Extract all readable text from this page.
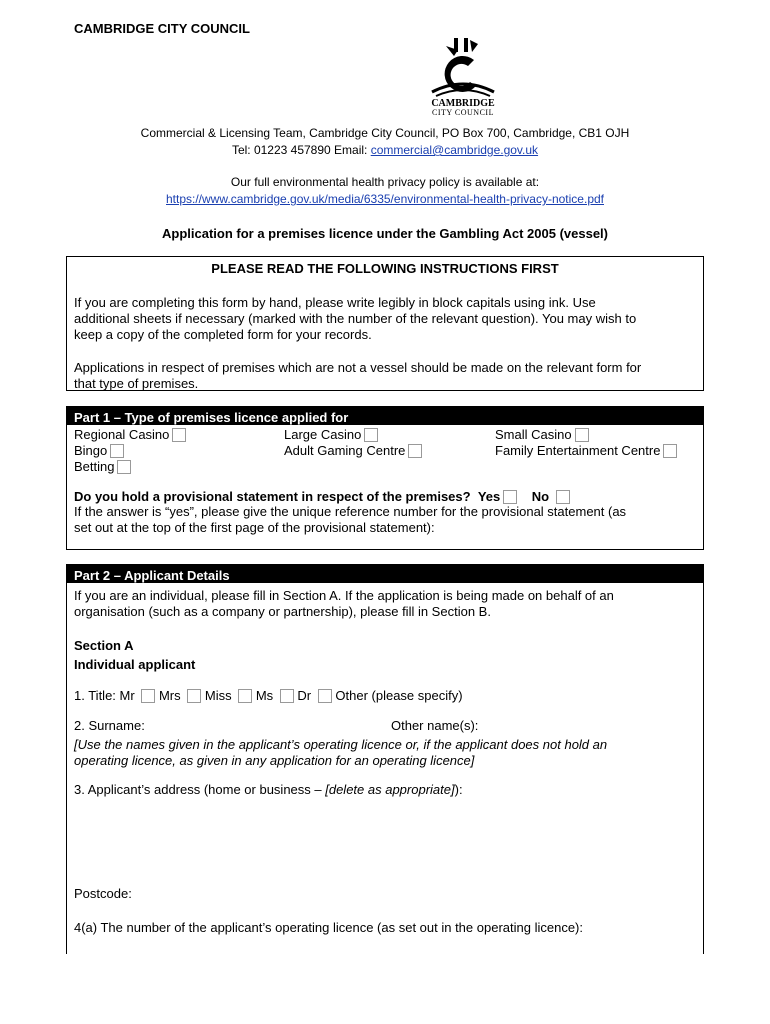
CAMBRIDGE CITY COUNCIL
CAMBRIDGE
CITY COUNCIL
Commercial & Licensing Team, Cambridge City Council, PO Box 700, Cambridge, CB1 OJH
Tel: 01223 457890 Email: commercial@cambridge.gov.uk
Our full environmental health privacy policy is available at:
https://www.cambridge.gov.uk/media/6335/environmental-health-privacy-notice.pdf
Application for a premises licence under the Gambling Act 2005 (vessel)
PLEASE READ THE FOLLOWING INSTRUCTIONS FIRST
If you are completing this form by hand, please write legibly in block capitals using ink. Use
additional sheets if necessary (marked with the number of the relevant question). You may wish to
keep a copy of the completed form for your records.
Applications in respect of premises which are not a vessel should be made on the relevant form for
that type of premises.
Part 1 – Type of premises licence applied for
Regional Casino	Large Casino	Small Casino
Bingo	Adult Gaming Centre	Family Entertainment Centre
Betting
Do you hold a provisional statement in respect of the premises? Yes No
If the answer is “yes”, please give the unique reference number for the provisional statement (as
set out at the top of the first page of the provisional statement):
Part 2 – Applicant Details
If you are an individual, please fill in Section A. If the application is being made on behalf of an
organisation (such as a company or partnership), please fill in Section B.
Section A
Individual applicant
1. Title: Mr Mrs Miss Ms Dr Other (please specify)
2. Surname:	Other name(s):
[Use the names given in the applicant’s operating licence or, if the applicant does not hold an
operating licence, as given in any application for an operating licence]
3. Applicant’s address (home or business – [delete as appropriate]):
Postcode:
4(a) The number of the applicant’s operating licence (as set out in the operating licence):
